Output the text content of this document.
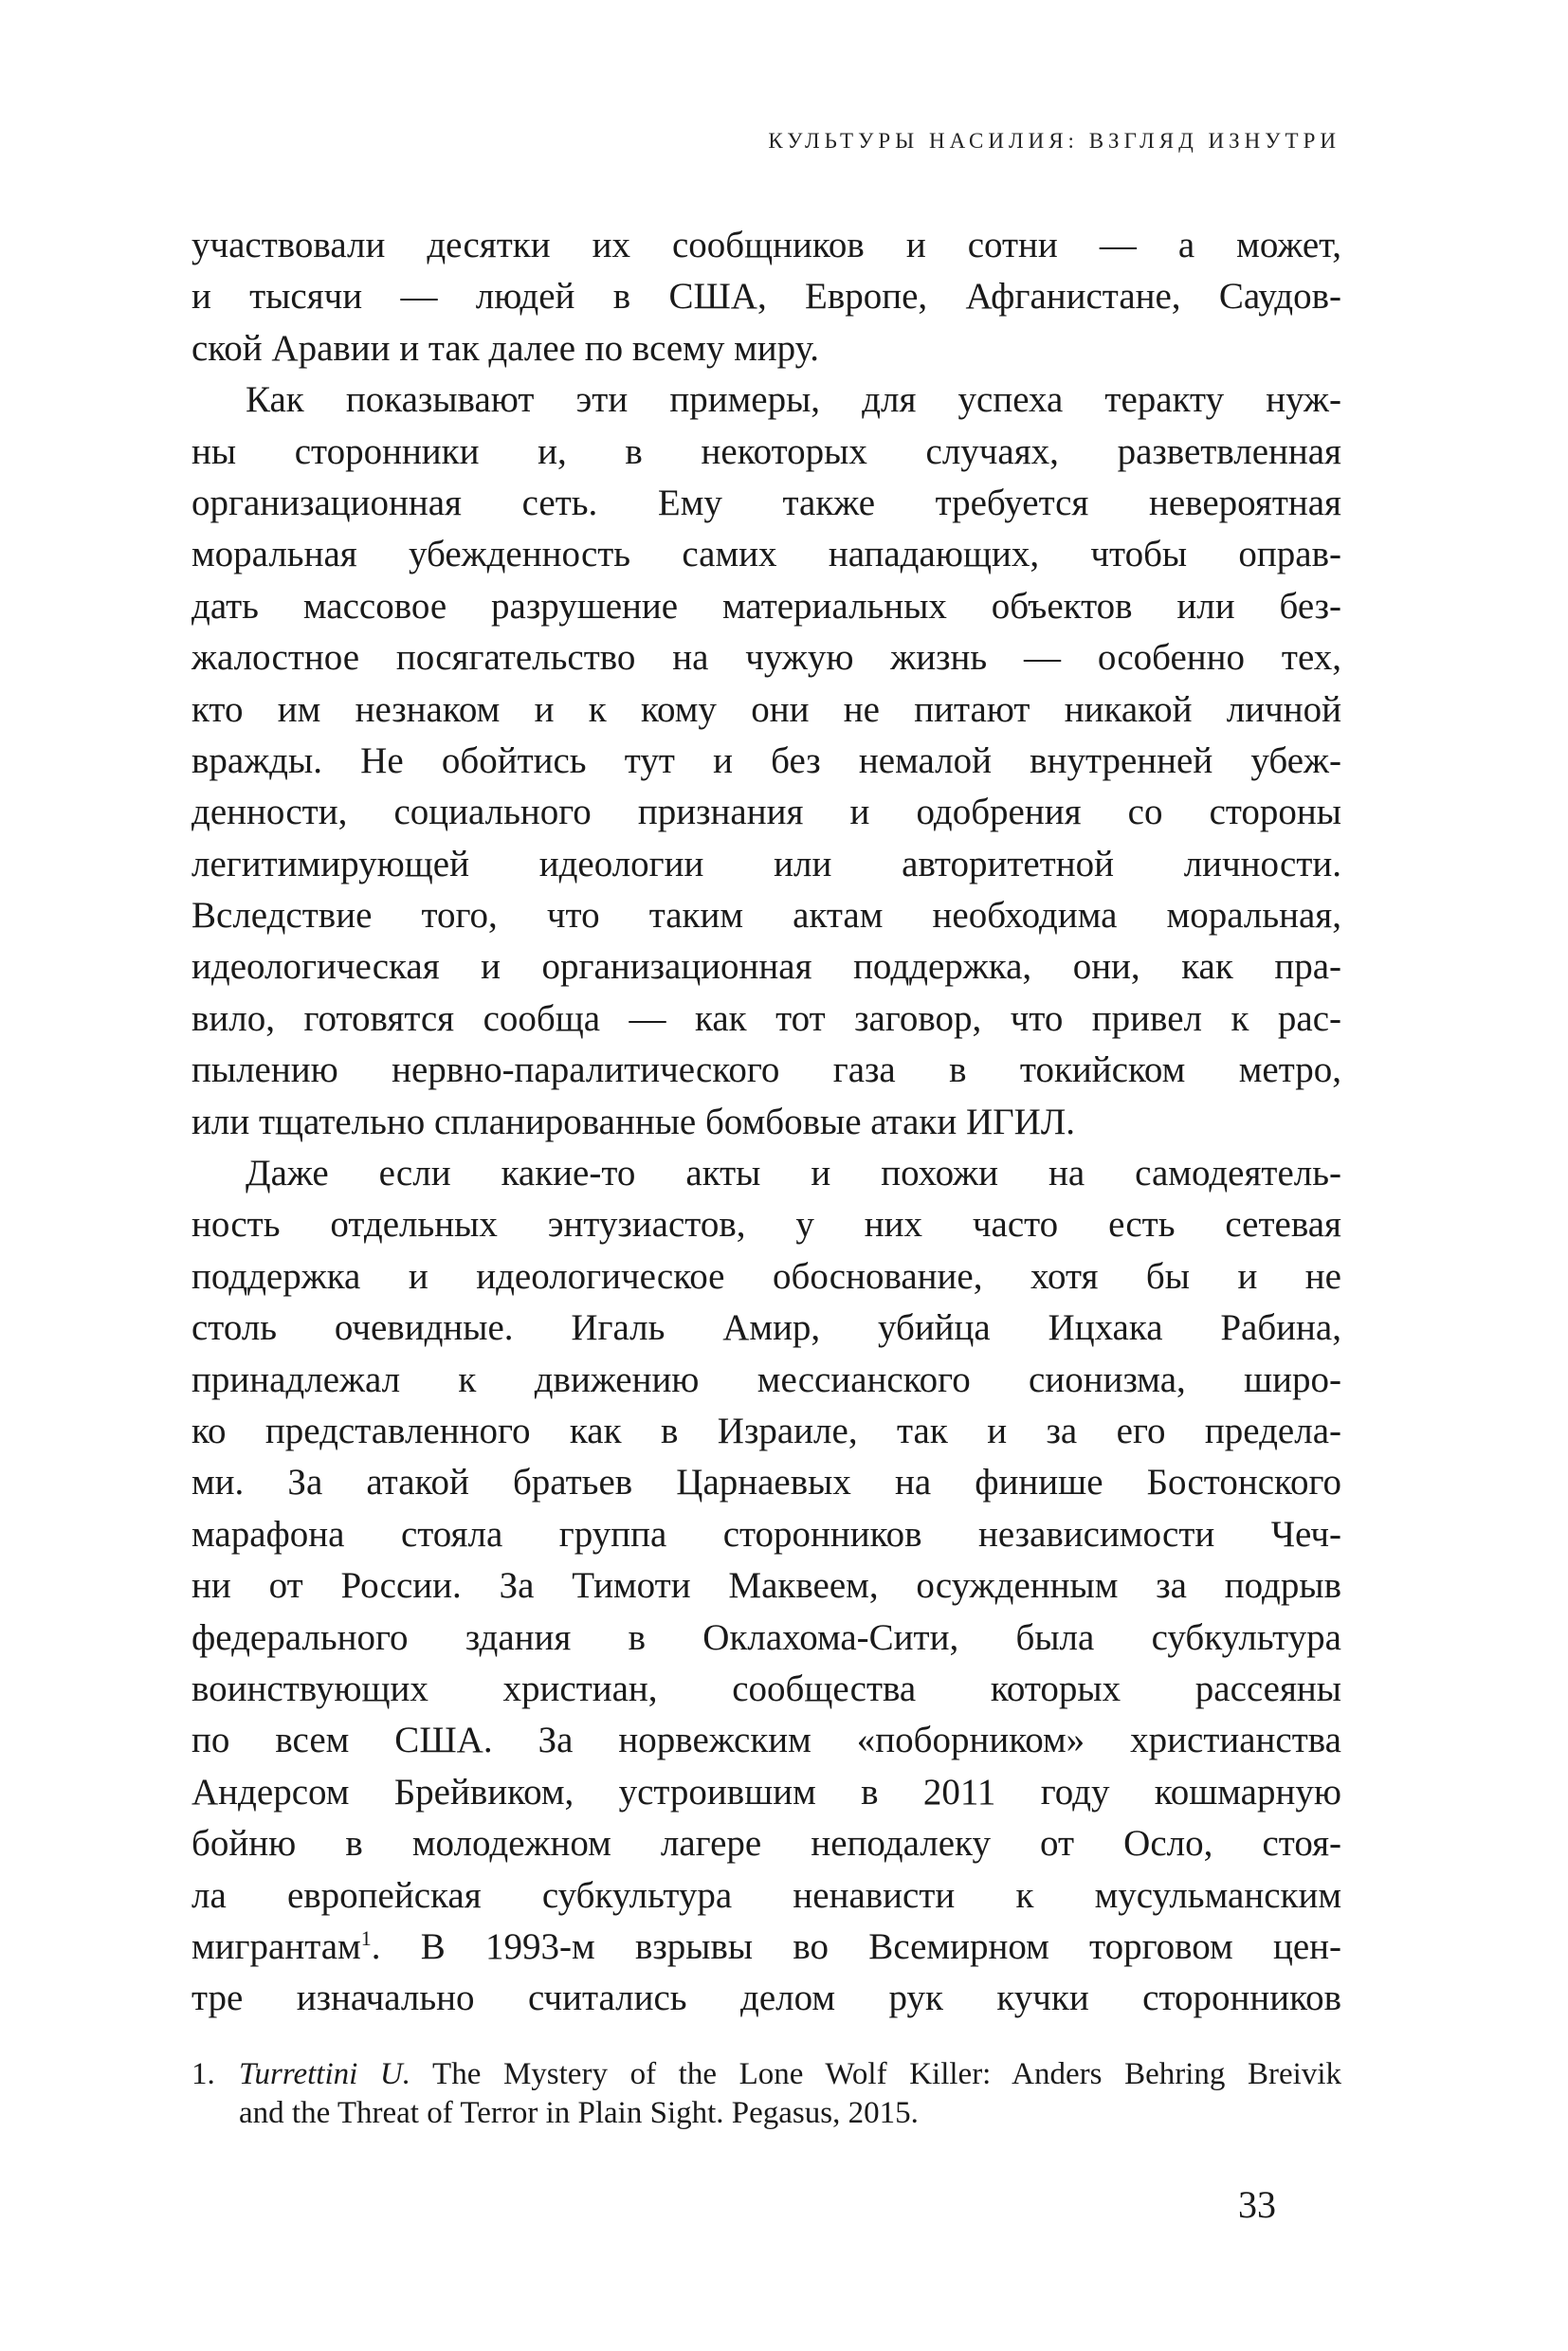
КУЛЬТУРЫ НАСИЛИЯ: ВЗГЛЯД ИЗНУТРИ
участвовали десятки их сообщников и сотни — а может,
и тысячи — людей в США, Европе, Афганистане, Саудов-
ской Аравии и так далее по всему миру.
Как показывают эти примеры, для успеха теракту нуж-
ны сторонники и, в некоторых случаях, разветвленная
организационная сеть. Ему также требуется невероятная
моральная убежденность самих нападающих, чтобы оправ-
дать массовое разрушение материальных объектов или без-
жалостное посягательство на чужую жизнь — особенно тех,
кто им незнаком и к кому они не питают никакой личной
вражды. Не обойтись тут и без немалой внутренней убеж-
денности, социального признания и одобрения со стороны
легитимирующей идеологии или авторитетной личности.
Вследствие того, что таким актам необходима моральная,
идеологическая и организационная поддержка, они, как пра-
вило, готовятся сообща — как тот заговор, что привел к рас-
пылению нервно-паралитического газа в токийском метро,
или тщательно спланированные бомбовые атаки ИГИЛ.
Даже если какие-то акты и похожи на самодеятель-
ность отдельных энтузиастов, у них часто есть сетевая
поддержка и идеологическое обоснование, хотя бы и не
столь очевидные. Игаль Амир, убийца Ицхака Рабина,
принадлежал к движению мессианского сионизма, широ-
ко представленного как в Израиле, так и за его предела-
ми. За атакой братьев Царнаевых на финише Бостонского
марафона стояла группа сторонников независимости Чеч-
ни от России. За Тимоти Маквеем, осужденным за подрыв
федерального здания в Оклахома-Сити, была субкультура
воинствующих христиан, сообщества которых рассеяны
по всем США. За норвежским «поборником» христианства
Андерсом Брейвиком, устроившим в 2011 году кошмарную
бойню в молодежном лагере неподалеку от Осло, стоя-
ла европейская субкультура ненависти к мусульманским
мигрантам$^1$. В 1993-м взрывы во Всемирном торговом цен-
тре изначально считались делом рук кучки сторонников
1. Turrettini U. The Mystery of the Lone Wolf Killer: Anders Behring Breivik
and the Threat of Terror in Plain Sight. Pegasus, 2015.
33
